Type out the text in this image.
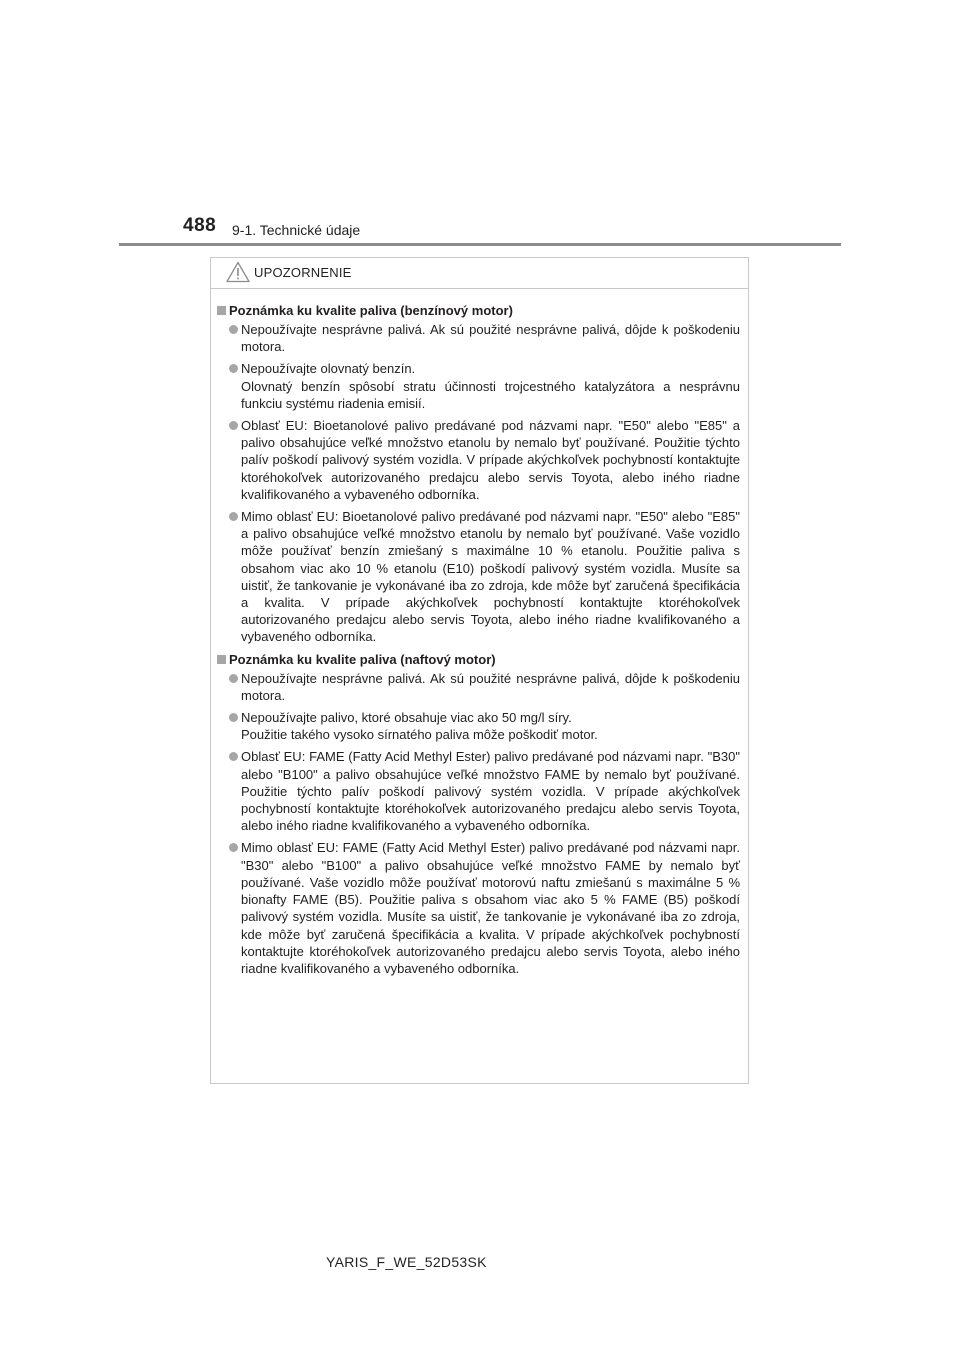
488 9-1. Technické údaje
UPOZORNENIE
Poznámka ku kvalite paliva (benzínový motor)
Nepoužívajte nesprávne palivá. Ak sú použité nesprávne palivá, dôjde k poškodeniu motora.
Nepoužívajte olovnatý benzín.
Olovnatý benzín spôsobí stratu účinnosti trojcestného katalyzátora a nesprávnu funkciu systému riadenia emisií.
Oblasť EU: Bioetanolové palivo predávané pod názvami napr. "E50" alebo "E85" a palivo obsahujúce veľké množstvo etanolu by nemalo byť používané. Použitie týchto palív poškodí palivový systém vozidla. V prípade akýchkoľvek pochybností kontaktujte ktoréhokoľvek autorizovaného predajcu alebo servis Toyota, alebo iného riadne kvalifikovaného a vybaveného odborníka.
Mimo oblasť EU: Bioetanolové palivo predávané pod názvami napr. "E50" alebo "E85" a palivo obsahujúce veľké množstvo etanolu by nemalo byť používané. Vaše vozidlo môže používať benzín zmiešaný s maximálne 10 % etanolu. Použitie paliva s obsahom viac ako 10 % etanolu (E10) poškodí palivový systém vozidla. Musíte sa uistiť, že tankovanie je vykonávané iba zo zdroja, kde môže byť zaručená špecifikácia a kvalita. V prípade akýchkoľvek pochybností kontaktujte ktoréhokoľvek autorizovaného predajcu alebo servis Toyota, alebo iného riadne kvalifikovaného a vybaveného odborníka.
Poznámka ku kvalite paliva (naftový motor)
Nepoužívajte nesprávne palivá. Ak sú použité nesprávne palivá, dôjde k poškodeniu motora.
Nepoužívajte palivo, ktoré obsahuje viac ako 50 mg/l síry.
Použitie takého vysoko sírnatého paliva môže poškodiť motor.
Oblasť EU: FAME (Fatty Acid Methyl Ester) palivo predávané pod názvami napr. "B30" alebo "B100" a palivo obsahujúce veľké množstvo FAME by nemalo byť používané. Použitie týchto palív poškodí palivový systém vozidla. V prípade akýchkoľvek pochybností kontaktujte ktoréhokoľvek autorizovaného predajcu alebo servis Toyota, alebo iného riadne kvalifikovaného a vybaveného odborníka.
Mimo oblasť EU: FAME (Fatty Acid Methyl Ester) palivo predávané pod názvami napr. "B30" alebo "B100" a palivo obsahujúce veľké množstvo FAME by nemalo byť používané. Vaše vozidlo môže používať motorovú naftu zmiešanú s maximálne 5 % bionafty FAME (B5). Použitie paliva s obsahom viac ako 5 % FAME (B5) poškodí palivový systém vozidla. Musíte sa uistiť, že tankovanie je vykonávané iba zo zdroja, kde môže byť zaručená špecifikácia a kvalita. V prípade akýchkoľvek pochybností kontaktujte ktoréhokoľvek autorizovaného predajcu alebo servis Toyota, alebo iného riadne kvalifikovaného a vybaveného odborníka.
YARIS_F_WE_52D53SK
